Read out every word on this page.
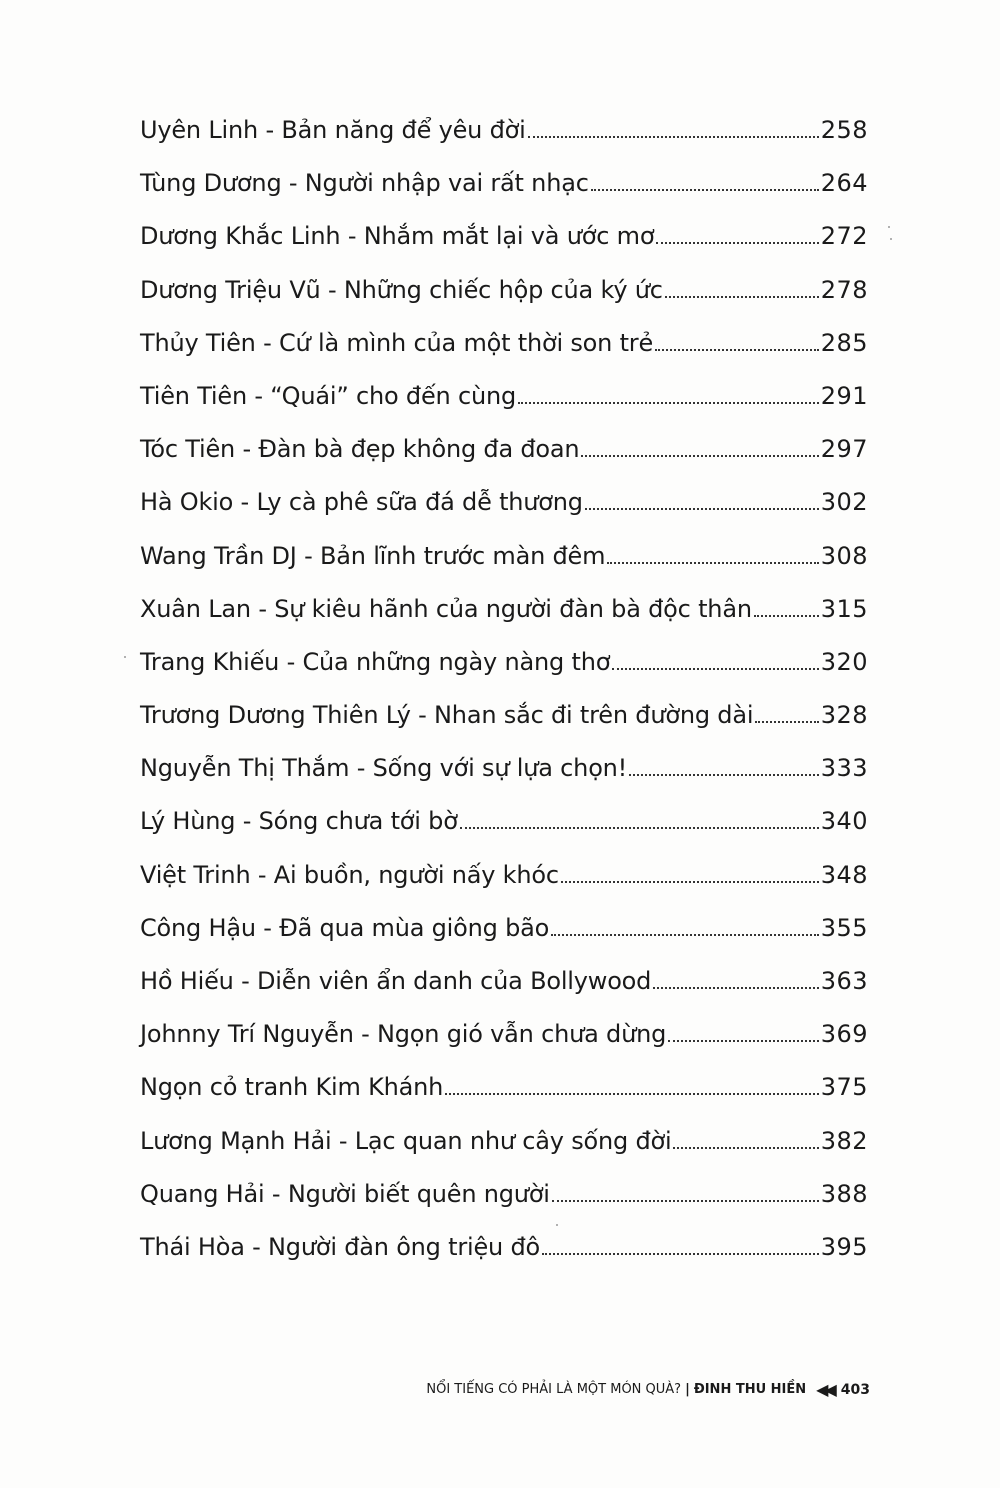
Uyên Linh - Bản năng để yêu đời	258
Tùng Dương - Người nhập vai rất nhạc	264
Dương Khắc Linh - Nhắm mắt lại và ước mơ	272
Dương Triệu Vũ - Những chiếc hộp của ký ức	278
Thủy Tiên - Cứ là mình của một thời son trẻ	285
Tiên Tiên - “Quái” cho đến cùng	291
Tóc Tiên - Đàn bà đẹp không đa đoan	297
Hà Okio - Ly cà phê sữa đá dễ thương	302
Wang Trần DJ - Bản lĩnh trước màn đêm	308
Xuân Lan - Sự kiêu hãnh của người đàn bà độc thân	315
Trang Khiếu - Của những ngày nàng thơ	320
Trương Dương Thiên Lý - Nhan sắc đi trên đường dài	328
Nguyễn Thị Thắm - Sống với sự lựa chọn!	333
Lý Hùng - Sóng chưa tới bờ	340
Việt Trinh - Ai buồn, người nấy khóc	348
Công Hậu - Đã qua mùa giông bão	355
Hồ Hiếu - Diễn viên ẩn danh của Bollywood	363
Johnny Trí Nguyễn - Ngọn gió vẫn chưa dừng	369
Ngọn cỏ tranh Kim Khánh	375
Lương Mạnh Hải - Lạc quan như cây sống đời	382
Quang Hải - Người biết quên người	388
Thái Hòa - Người đàn ông triệu đô	395
NỔI TIẾNG CÓ PHẢI LÀ MỘT MÓN QUÀ? | ĐINH THU HIỀN ◀◀ 403
